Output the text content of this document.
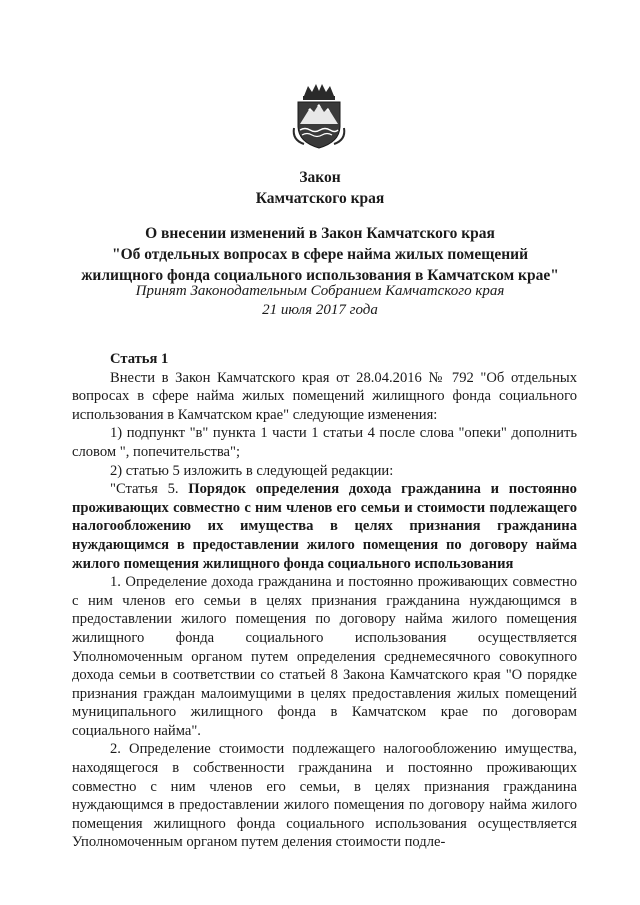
Закон
Камчатского края
О внесении изменений в Закон Камчатского края
"Об отдельных вопросах в сфере найма жилых помещений
жилищного фонда социального использования в Камчатском крае"
Принят Законодательным Собранием Камчатского края
21 июля 2017 года

Статья 1

Внести в Закон Камчатского края от 28.04.2016 № 792 "Об отдельных вопросах в сфере найма жилых помещений жилищного фонда социального использования в Камчатском крае" следующие изменения:

1) подпункт "в" пункта 1 части 1 статьи 4 после слова "опеки" дополнить словом ", попечительства";

2) статью 5 изложить в следующей редакции:

"Статья 5. Порядок определения дохода гражданина и постоянно проживающих совместно с ним членов его семьи и стоимости подлежащего налогообложению их имущества в целях признания гражданина нуждающимся в предоставлении жилого помещения по договору найма жилого помещения жилищного фонда социального использования

1. Определение дохода гражданина и постоянно проживающих совместно с ним членов его семьи в целях признания гражданина нуждающимся в предоставлении жилого помещения по договору найма жилого помещения жилищного фонда социального использования осуществляется Уполномоченным органом путем определения среднемесячного совокупного дохода семьи в соответствии со статьей 8 Закона Камчатского края "О порядке признания граждан малоимущими в целях предоставления жилых помещений муниципального жилищного фонда в Камчатском крае по договорам социального найма".

2. Определение стоимости подлежащего налогообложению имущества, находящегося в собственности гражданина и постоянно проживающих совместно с ним членов его семьи, в целях признания гражданина нуждающимся в предоставлении жилого помещения по договору найма жилого помещения жилищного фонда социального использования осуществляется Уполномоченным органом путем деления стоимости подле-
